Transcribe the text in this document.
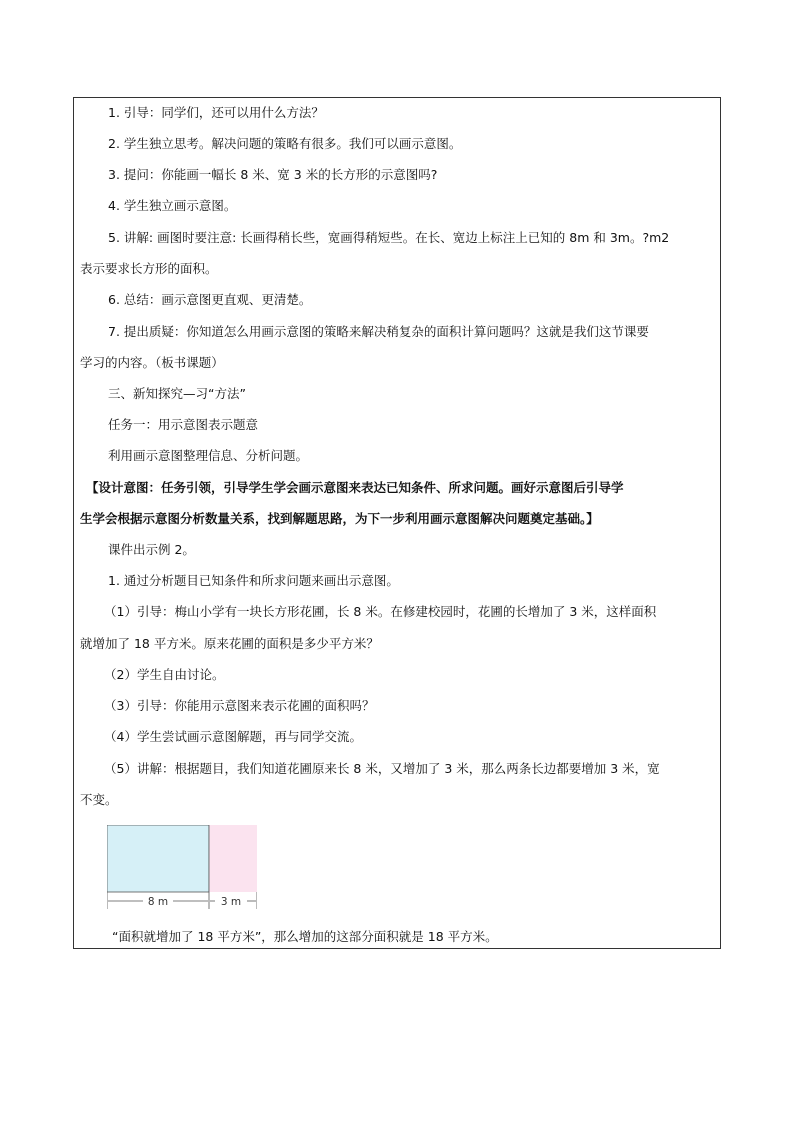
1. 引导：同学们，还可以用什么方法？
2. 学生独立思考。解决问题的策略有很多。我们可以画示意图。
3. 提问：你能画一幅长 8 米、宽 3 米的长方形的示意图吗?
4. 学生独立画示意图。
5. 讲解: 画图时要注意: 长画得稍长些，宽画得稍短些。在长、宽边上标注上已知的 8m 和 3m。?m2
表示要求长方形的面积。
6. 总结：画示意图更直观、更清楚。
7. 提出质疑：你知道怎么用画示意图的策略来解决稍复杂的面积计算问题吗？这就是我们这节课要
学习的内容。（板书课题）
三、新知探究—习“方法”
任务一：用示意图表示题意
利用画示意图整理信息、分析问题。
【设计意图：任务引领，引导学生学会画示意图来表达已知条件、所求问题。画好示意图后引导学
生学会根据示意图分析数量关系，找到解题思路，为下一步利用画示意图解决问题奠定基础。】
课件出示例 2。
1. 通过分析题目已知条件和所求问题来画出示意图。
（1）引导：梅山小学有一块长方形花圃，长 8 米。在修建校园时，花圃的长增加了 3 米，这样面积
就增加了 18 平方米。原来花圃的面积是多少平方米？
（2）学生自由讨论。
（3）引导：你能用示意图来表示花圃的面积吗？
（4）学生尝试画示意图解题，再与同学交流。
（5）讲解：根据题目，我们知道花圃原来长 8 米，又增加了 3 米，那么两条长边都要增加 3 米，宽
不变。
8 m	3 m
“面积就增加了 18 平方米”，那么增加的这部分面积就是 18 平方米。
